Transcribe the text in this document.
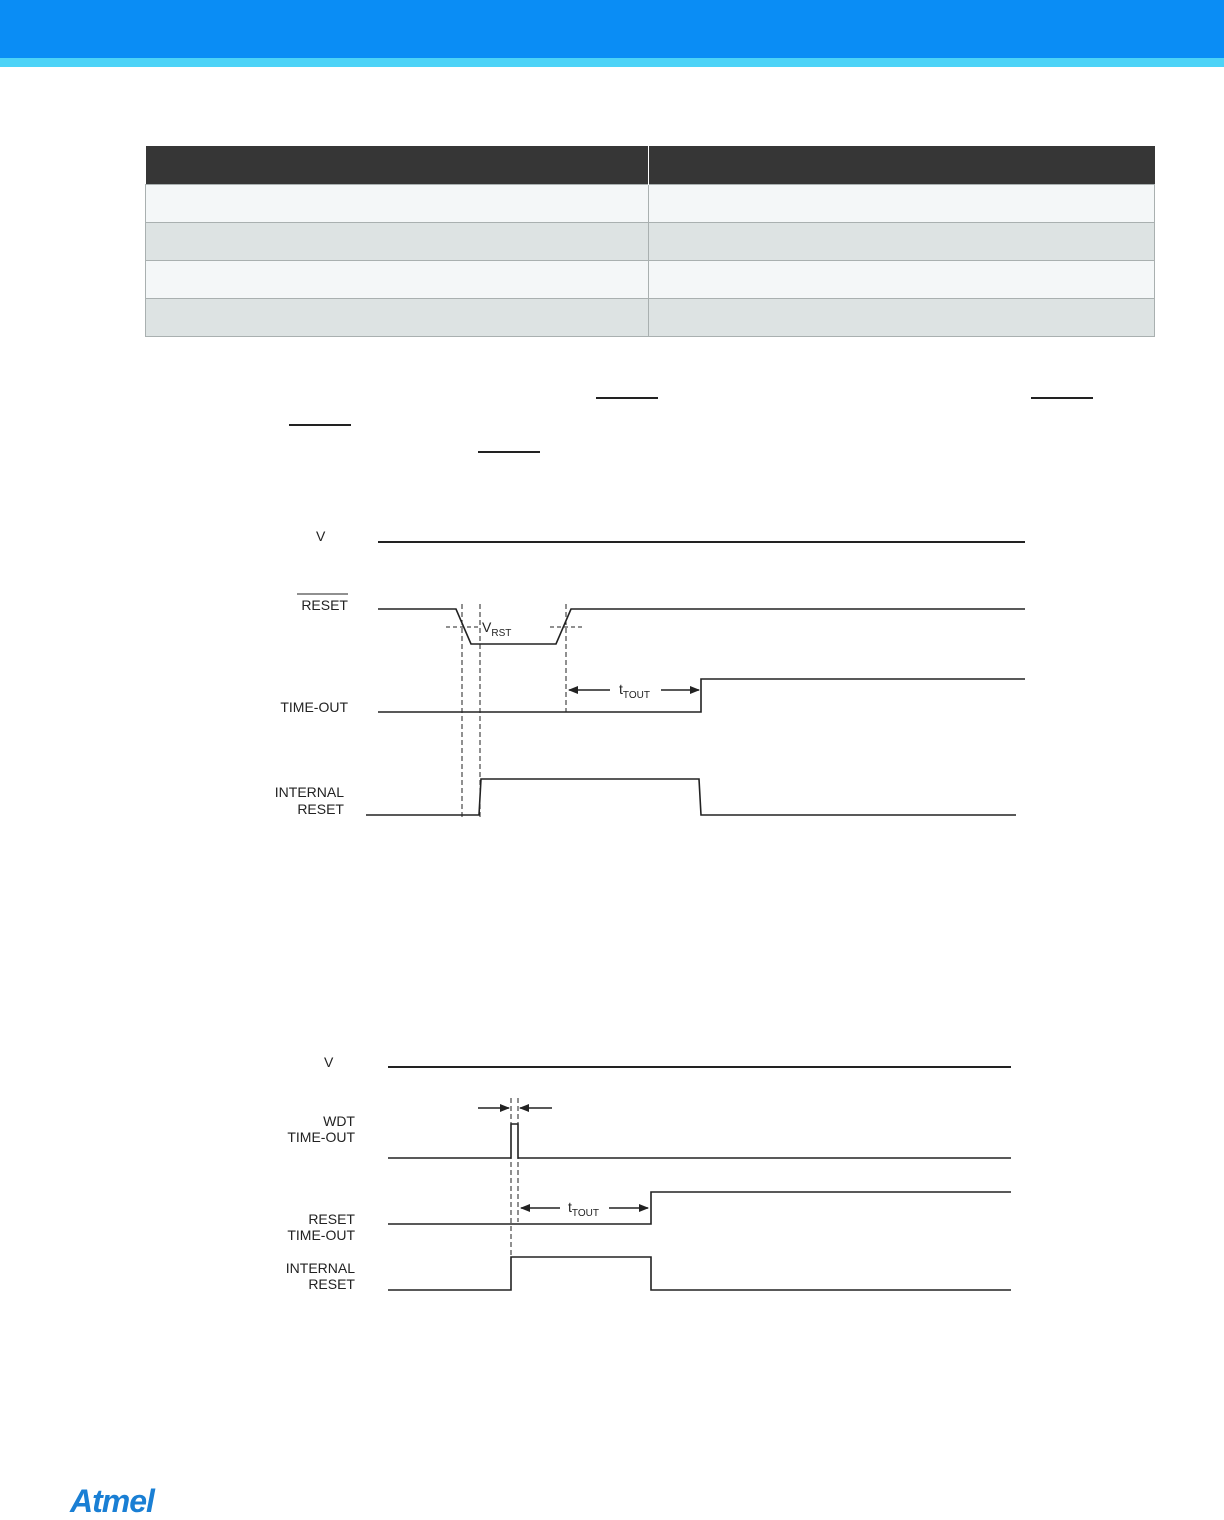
V
RESET
$V_{RST}$
TIME-OUT
$t_{TOUT}$
INTERNAL
RESET
V
WDT
TIME-OUT
RESET
TIME-OUT
$t_{TOUT}$
INTERNAL
RESET
Atmel
